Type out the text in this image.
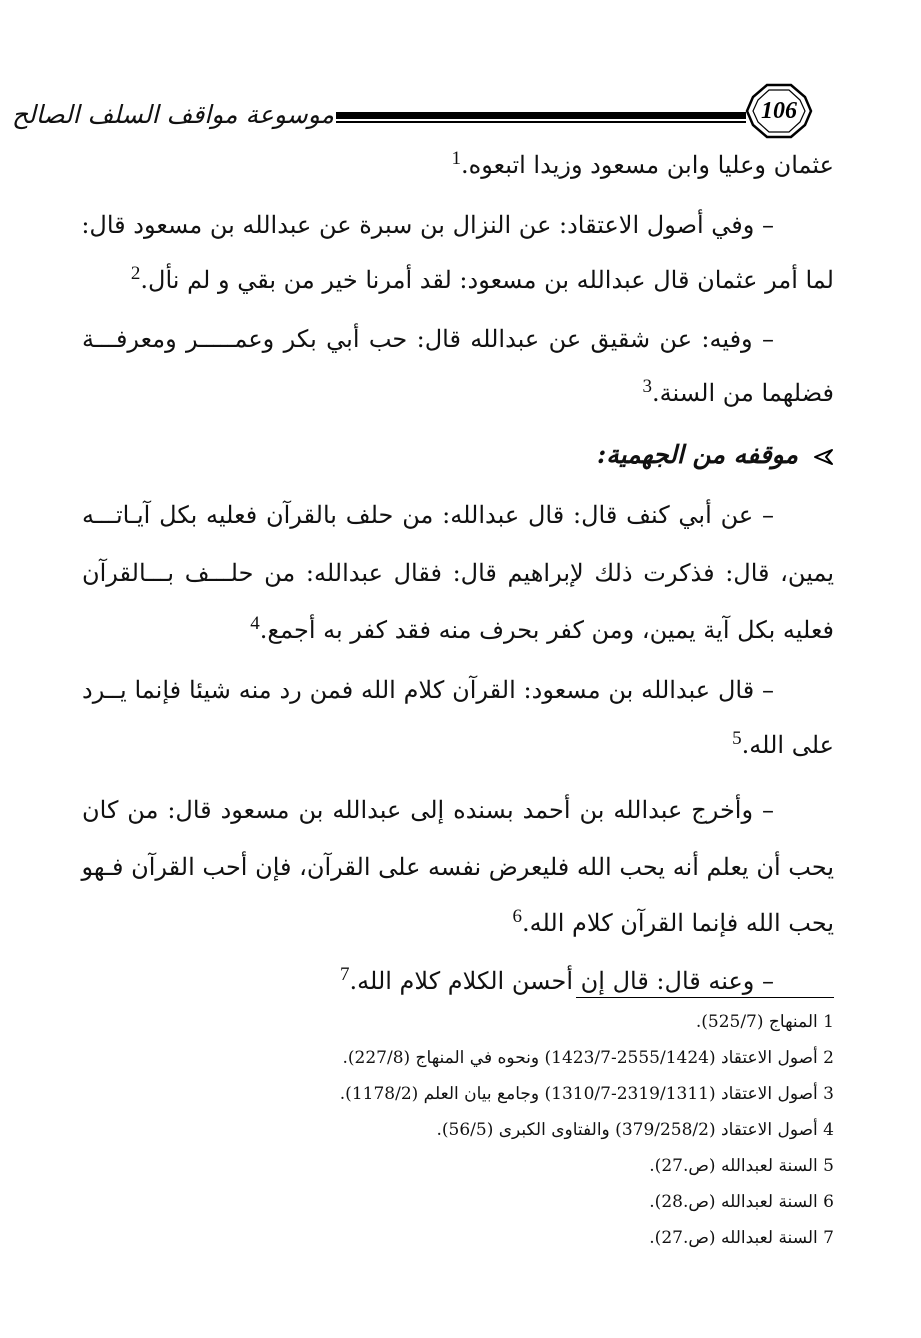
موسوعة مواقف السلف الصالح	106
عثمان وعليا وابن مسعود وزيدا اتبعوه.$^1$
– وفي أصول الاعتقاد: عن النزال بن سبرة عن عبدالله بن مسعود قال:
لما أمر عثمان قال عبدالله بن مسعود: لقد أمرنا خير من بقي و لم نأل.$^2$
– وفيه: عن شقيق عن عبدالله قال: حب أبي بكر وعمـــــر ومعرفـــة
فضلهما من السنة.$^3$
موقفه من الجهمية:
– عن أبي كنف قال: قال عبدالله: من حلف بالقرآن فعليه بكل آيـاتـــه
يمين، قال: فذكرت ذلك لإبراهيم قال: فقال عبدالله: من حلـــف بـــالقرآن
فعليه بكل آية يمين، ومن كفر بحرف منه فقد كفر به أجمع.$^4$
– قال عبدالله بن مسعود: القرآن كلام الله فمن رد منه شيئا فإنما يــرد
على الله.$^5$
– وأخرج عبدالله بن أحمد بسنده إلى عبدالله بن مسعود قال: من كان
يحب أن يعلم أنه يحب الله فليعرض نفسه على القرآن، فإن أحب القرآن فـهو
يحب الله فإنما القرآن كلام الله.$^6$
– وعنه قال: قال إن أحسن الكلام كلام الله.$^7$
1 المنهاج (525/7).
2 أصول الاعتقاد (2555/1424-1423/7) ونحوه في المنهاج (227/8).
3 أصول الاعتقاد (2319/1311-1310/7) وجامع بيان العلم (1178/2).
4 أصول الاعتقاد (379/258/2) والفتاوى الكبرى (56/5).
5 السنة لعبدالله (ص.27).
6 السنة لعبدالله (ص.28).
7 السنة لعبدالله (ص.27).
